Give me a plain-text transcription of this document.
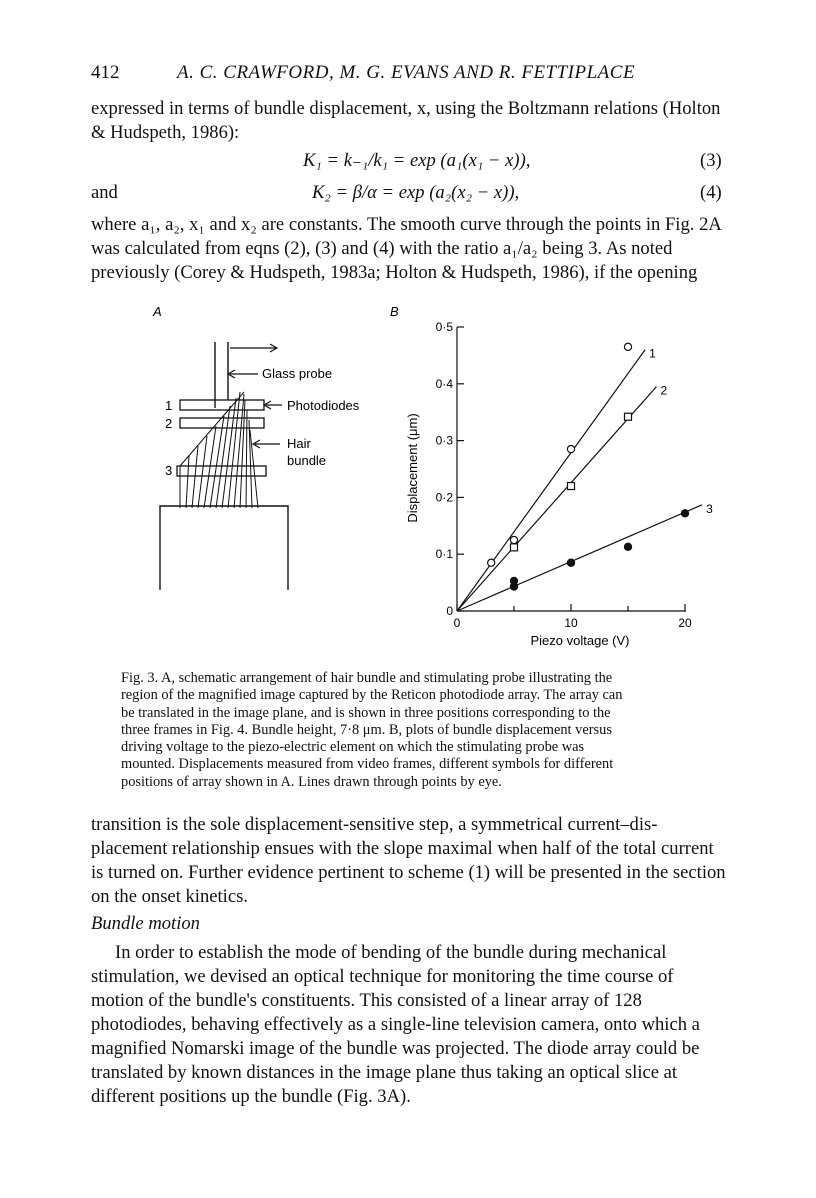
412	A. C. CRAWFORD, M. G. EVANS AND R. FETTIPLACE
expressed in terms of bundle displacement, x, using the Boltzmann relations (Holton
& Hudspeth, 1986):
K₁ = k₋₁/k₁ = exp (a₁(x₁ − x)),	(3)
and	K₂ = β/α = exp (a₂(x₂ − x)),	(4)
where a₁, a₂, x₁ and x₂ are constants. The smooth curve through the points in Fig. 2A
was calculated from eqns (2), (3) and (4) with the ratio a₁/a₂ being 3. As noted
previously (Corey & Hudspeth, 1983a; Holton & Hudspeth, 1986), if the opening
A
Glass probe
1
2
3
Photodiodes
Hair
bundle
B
0
0·1
0·2
0·3
0·4
0·5
0	10	20
1
2
3
Piezo voltage (V)
Displacement (μm)
Fig. 3. A, schematic arrangement of hair bundle and stimulating probe illustrating the
region of the magnified image captured by the Reticon photodiode array. The array can
be translated in the image plane, and is shown in three positions corresponding to the
three frames in Fig. 4. Bundle height, 7·8 μm. B, plots of bundle displacement versus
driving voltage to the piezo-electric element on which the stimulating probe was
mounted. Displacements measured from video frames, different symbols for different
positions of array shown in A. Lines drawn through points by eye.
transition is the sole displacement-sensitive step, a symmetrical current–dis-
placement relationship ensues with the slope maximal when half of the total current
is turned on. Further evidence pertinent to scheme (1) will be presented in the section
on the onset kinetics.
Bundle motion
In order to establish the mode of bending of the bundle during mechanical
stimulation, we devised an optical technique for monitoring the time course of
motion of the bundle's constituents. This consisted of a linear array of 128
photodiodes, behaving effectively as a single-line television camera, onto which a
magnified Nomarski image of the bundle was projected. The diode array could be
translated by known distances in the image plane thus taking an optical slice at
different positions up the bundle (Fig. 3A).
